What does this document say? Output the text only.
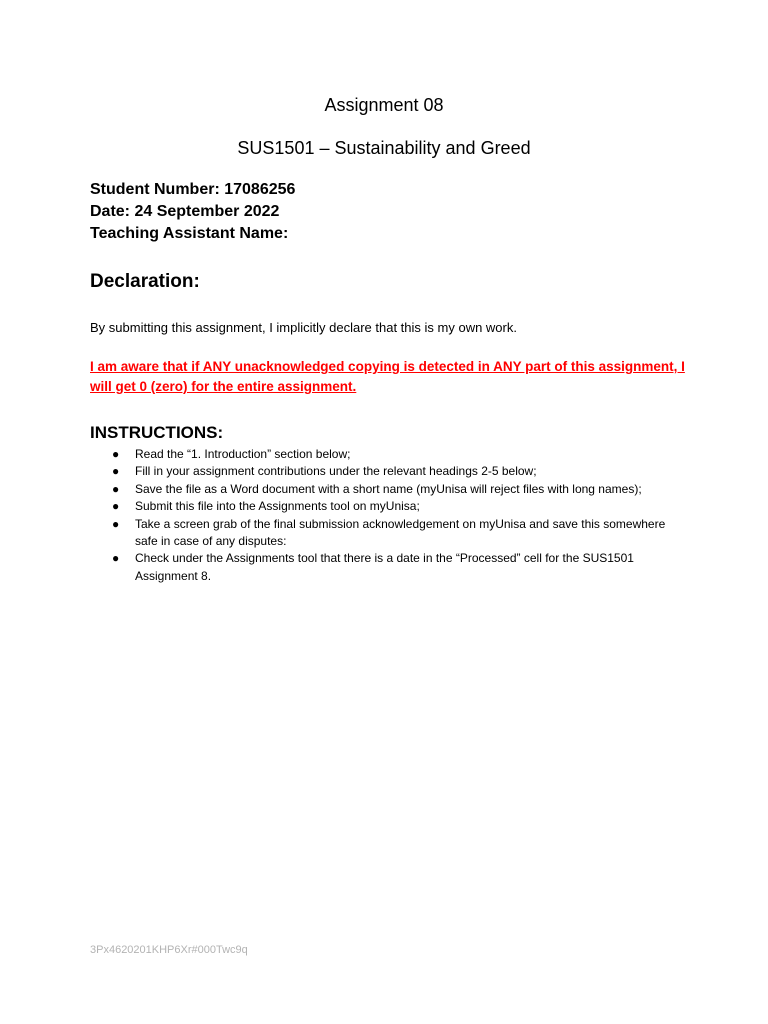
Assignment 08
SUS1501 – Sustainability and Greed
Student Number: 17086256
Date: 24 September 2022
Teaching Assistant Name:
Declaration:

By submitting this assignment, I implicitly declare that this is my own work.

I am aware that if ANY unacknowledged copying is detected in ANY part of this assignment, I will get 0 (zero) for the entire assignment.

INSTRUCTIONS:
● Read the “1. Introduction” section below;
● Fill in your assignment contributions under the relevant headings 2-5 below;
● Save the file as a Word document with a short name (myUnisa will reject files with long names);
● Submit this file into the Assignments tool on myUnisa;
● Take a screen grab of the final submission acknowledgement on myUnisa and save this somewhere safe in case of any disputes:
● Check under the Assignments tool that there is a date in the “Processed” cell for the SUS1501 Assignment 8.
3Px4620201KHP6Xr#000Twc9q
